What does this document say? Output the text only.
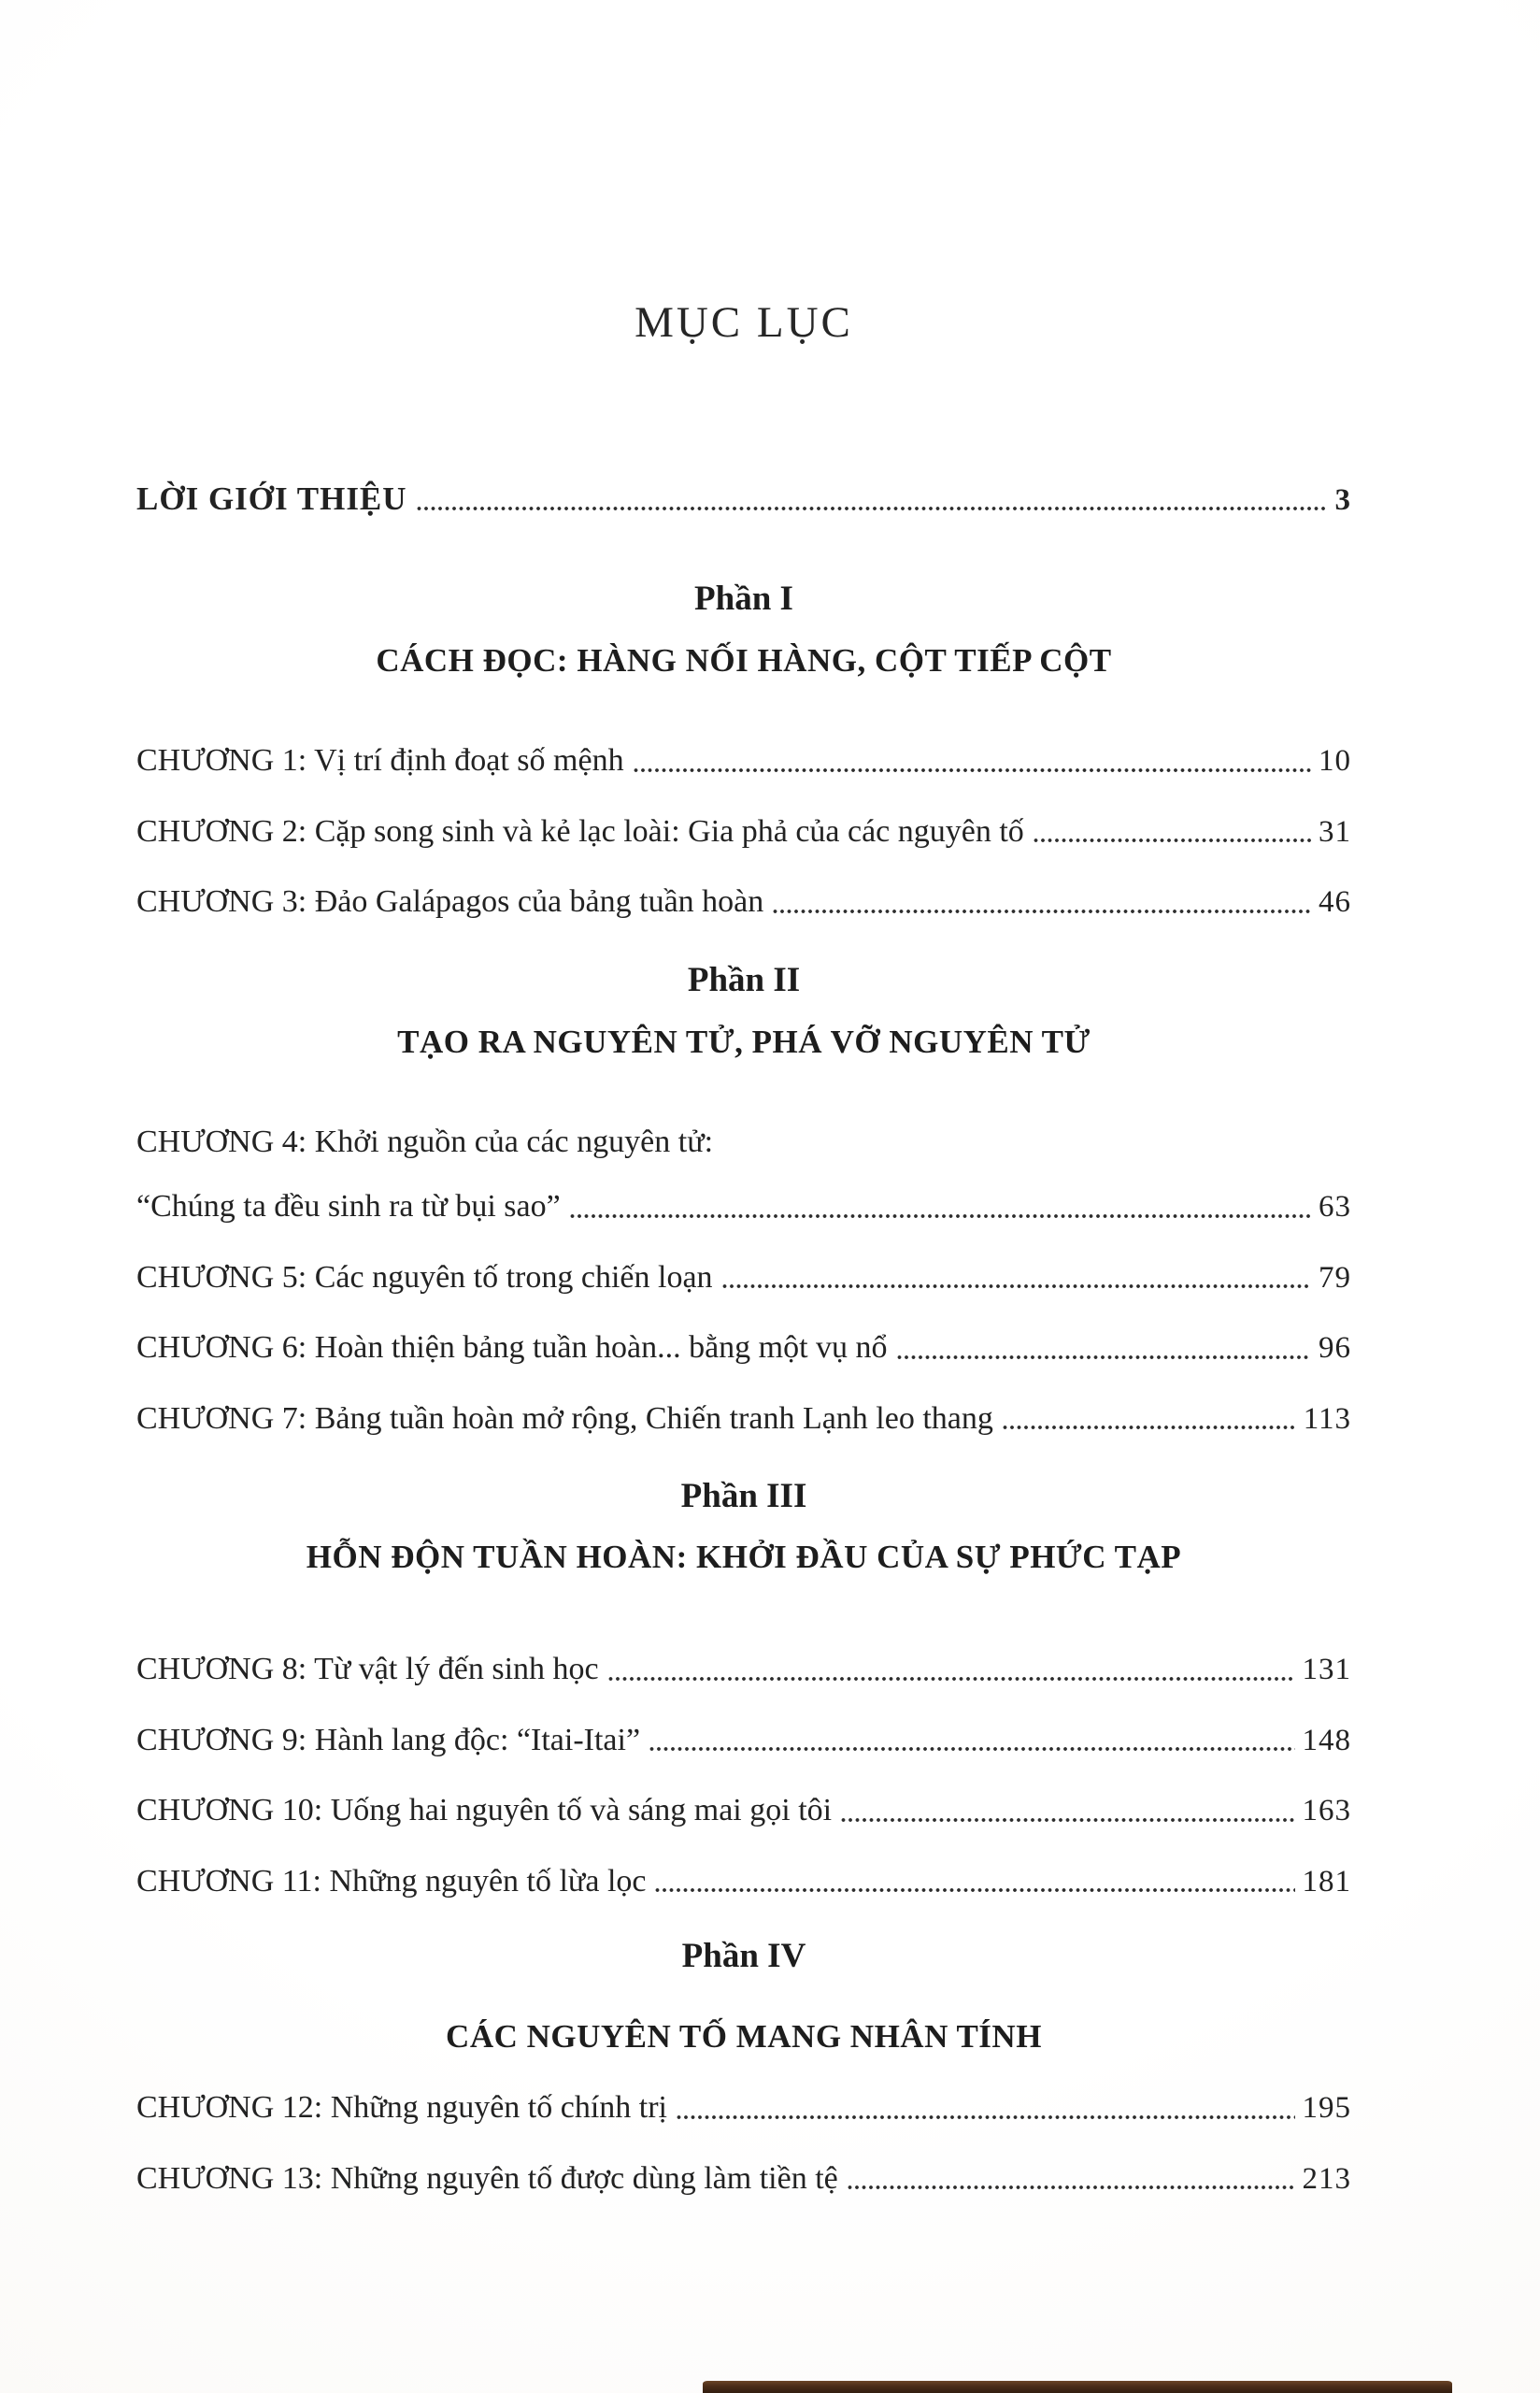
MỤC LỤC
LỜI GIỚI THIỆU	3
Phần I
CÁCH ĐỌC: HÀNG NỐI HÀNG, CỘT TIẾP CỘT
CHƯƠNG 1: Vị trí định đoạt số mệnh	10
CHƯƠNG 2: Cặp song sinh và kẻ lạc loài: Gia phả của các nguyên tố	31
CHƯƠNG 3: Đảo Galápagos của bảng tuần hoàn	46
Phần II
TẠO RA NGUYÊN TỬ, PHÁ VỠ NGUYÊN TỬ
CHƯƠNG 4: Khởi nguồn của các nguyên tử:
“Chúng ta đều sinh ra từ bụi sao”	63
CHƯƠNG 5: Các nguyên tố trong chiến loạn	79
CHƯƠNG 6: Hoàn thiện bảng tuần hoàn... bằng một vụ nổ	96
CHƯƠNG 7: Bảng tuần hoàn mở rộng, Chiến tranh Lạnh leo thang	113
Phần III
HỖN ĐỘN TUẦN HOÀN: KHỞI ĐẦU CỦA SỰ PHỨC TẠP
CHƯƠNG 8: Từ vật lý đến sinh học	131
CHƯƠNG 9: Hành lang độc: “Itai-Itai”	148
CHƯƠNG 10: Uống hai nguyên tố và sáng mai gọi tôi	163
CHƯƠNG 11: Những nguyên tố lừa lọc	181
Phần IV
CÁC NGUYÊN TỐ MANG NHÂN TÍNH
CHƯƠNG 12: Những nguyên tố chính trị	195
CHƯƠNG 13: Những nguyên tố được dùng làm tiền tệ	213
